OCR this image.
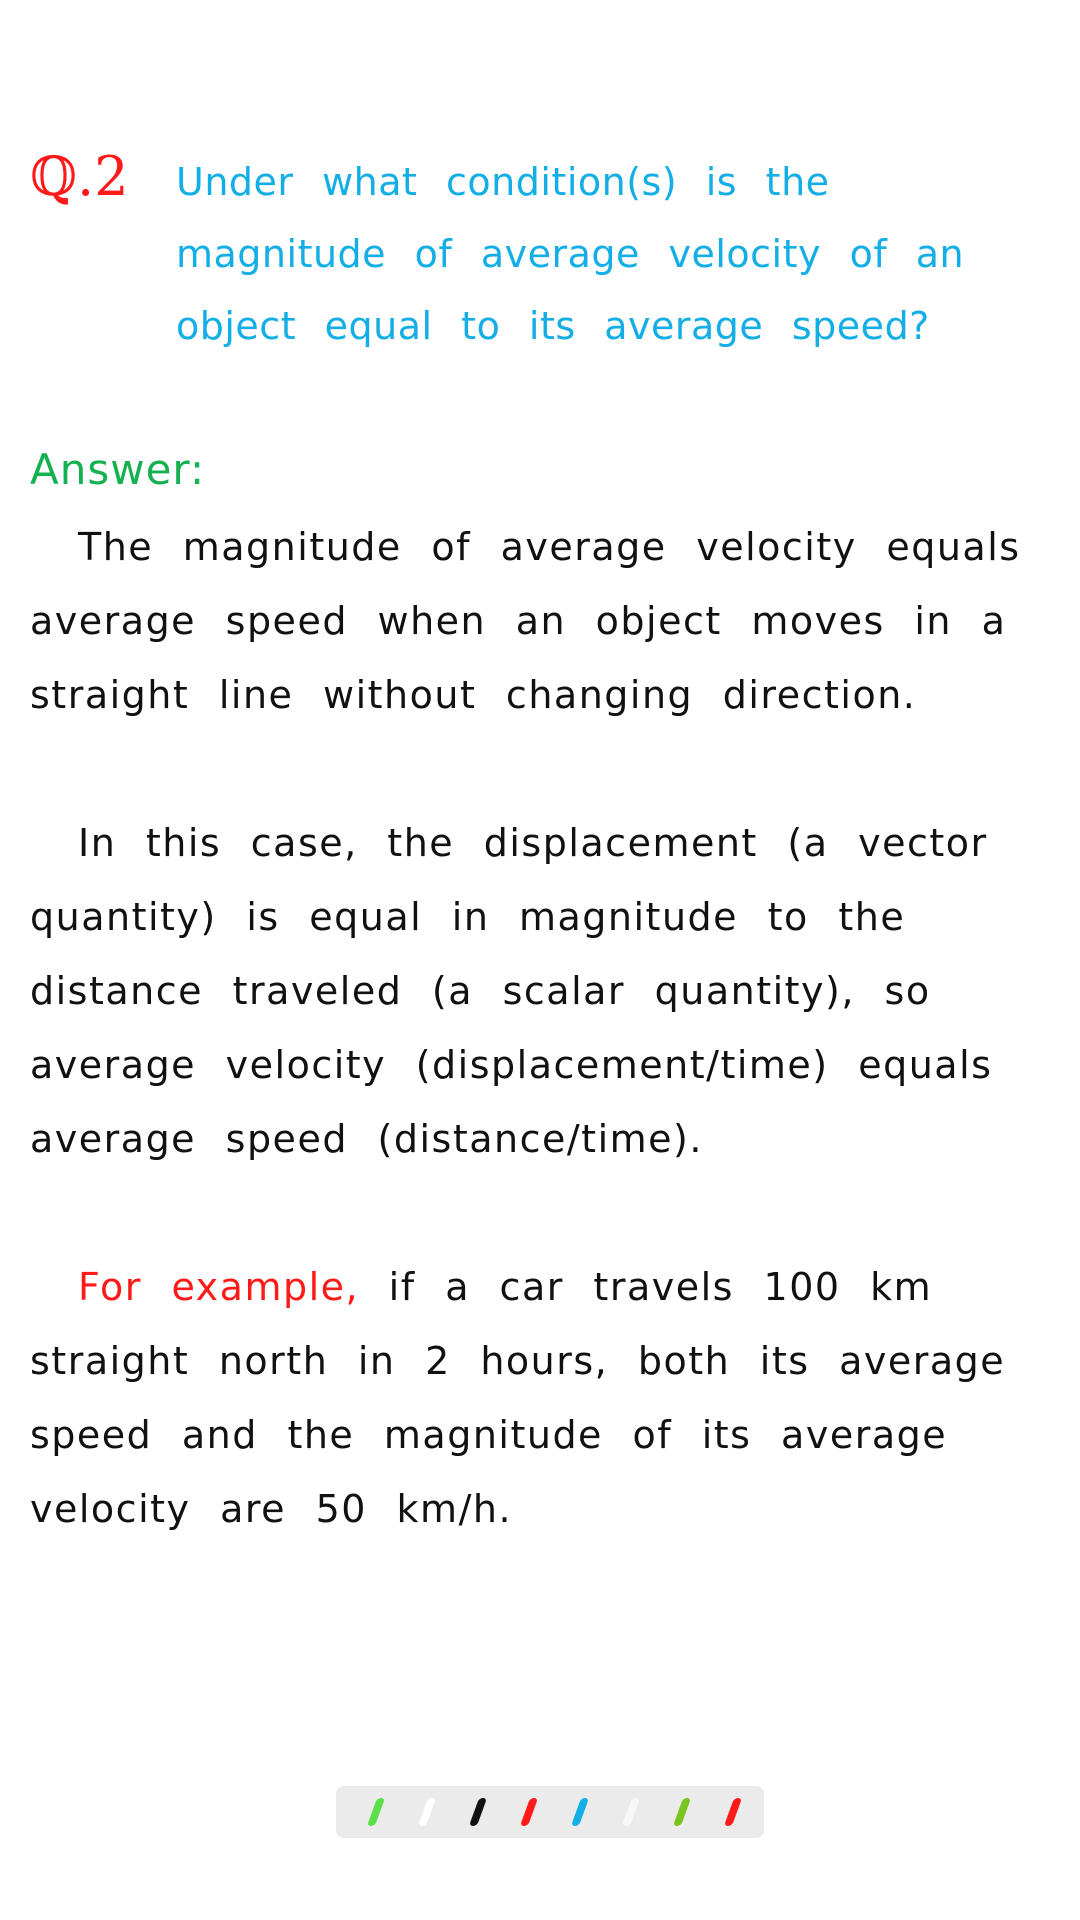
ℚ.2 Under what condition(s) is the magnitude of average velocity of an object equal to its average speed?
Answer:
The magnitude of average velocity equals average speed when an object moves in a straight line without changing direction.
In this case, the displacement (a vector quantity) is equal in magnitude to the distance traveled (a scalar quantity), so average velocity (displacement/time) equals average speed (distance/time).
For example, if a car travels 100 km straight north in 2 hours, both its average speed and the magnitude of its average velocity are 50 km/h.
